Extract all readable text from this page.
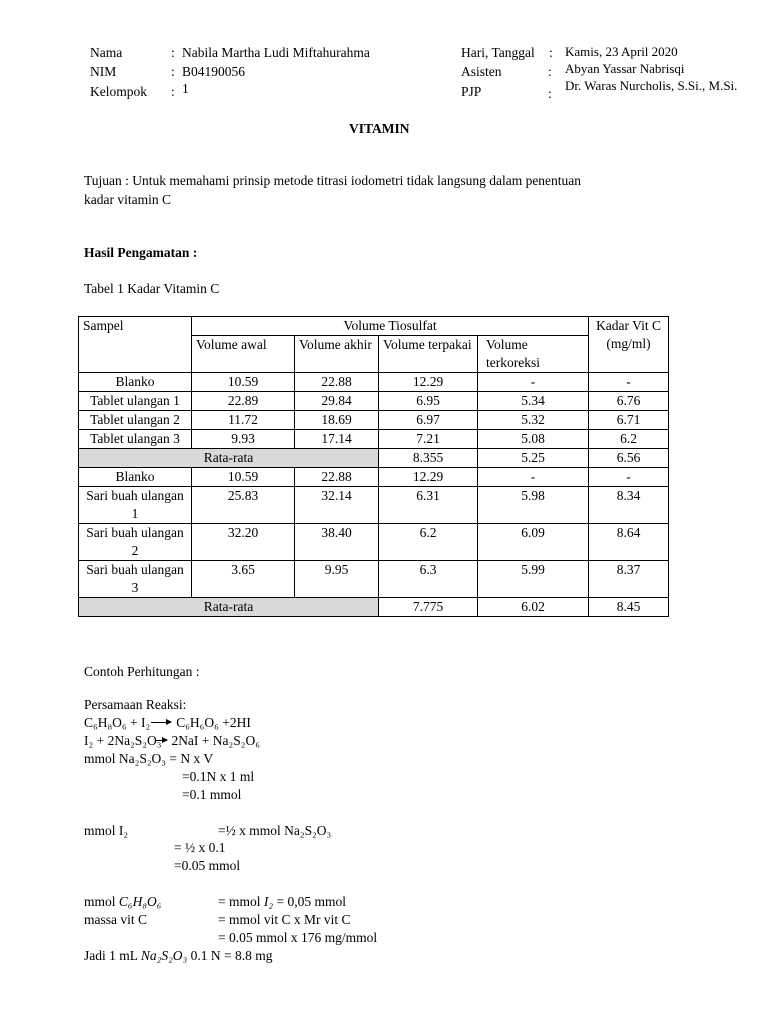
Nama	: Nabila Martha Ludi Miftahurahma
NIM	: B04190056
Kelompok : 1
Hari, Tanggal : Kamis, 23 April 2020
Asisten	: Abyan Yassar Nabrisqi
PJP	:
Dr. Waras Nurcholis, S.Si., M.Si.
VITAMIN
Tujuan : Untuk memahami prinsip metode titrasi iodometri tidak langsung dalam penentuan
kadar vitamin C
Hasil Pengamatan :
Tabel 1 Kadar Vitamin C
Sampel	Volume Tiosulfat				Kadar Vit C (mg/ml)
	Volume awal	Volume akhir	Volume terpakai	Volume terkoreksi	
Blanko	10.59	22.88	12.29	-	-
Tablet ulangan 1	22.89	29.84	6.95	5.34	6.76
Tablet ulangan 2	11.72	18.69	6.97	5.32	6.71
Tablet ulangan 3	9.93	17.14	7.21	5.08	6.2
Rata-rata			8.355	5.25	6.56
Blanko	10.59	22.88	12.29	-	-
Sari buah ulangan 1	25.83	32.14	6.31	5.98	8.34
Sari buah ulangan 2	32.20	38.40	6.2	6.09	8.64
Sari buah ulangan 3	3.65	9.95	6.3	5.99	8.37
Rata-rata			7.775	6.02	8.45
Contoh Perhitungan :
Persamaan Reaksi:
C₆H₈O₆ + I₂ C₆H₆O₆ +2HI
I₂ + 2Na₂S₂O₃ 2NaI + Na₂S₂O₆
mmol Na₂S₂O₃ = N x V
=0.1N x 1 ml
=0.1 mmol
mmol I₂	=½ x mmol Na₂S₂O₃
= ½ x 0.1
=0.05 mmol
mmol C₆H₈O₆	= mmol I₂ = 0,05 mmol
massa vit C	= mmol vit C x Mr vit C
= 0.05 mmol x 176 mg/mmol
Jadi 1 mL Na₂S₂O₃ 0.1 N = 8.8 mg
